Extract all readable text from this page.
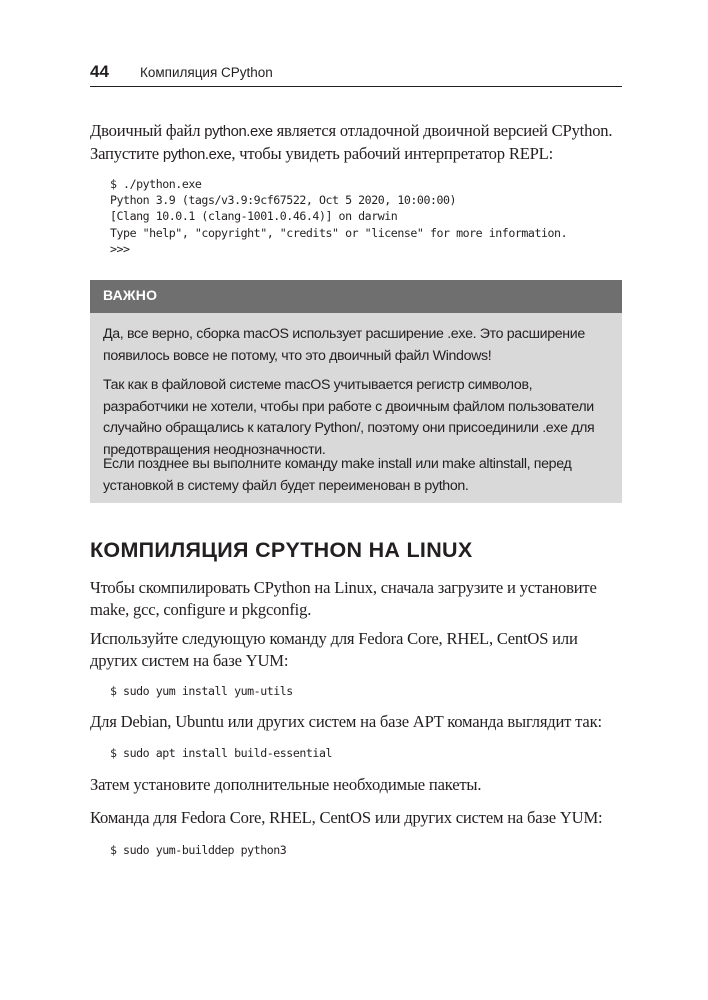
44 Компиляция CPython

Двоичный файл python.exe является отладочной двоичной версией CPython. Запустите python.exe, чтобы увидеть рабочий интерпретатор REPL:

$ ./python.exe
Python 3.9 (tags/v3.9:9cf67522, Oct 5 2020, 10:00:00)
[Clang 10.0.1 (clang-1001.0.46.4)] on darwin
Type "help", "copyright", "credits" or "license" for more information.
>>>
ВАЖНО

Да, все верно, сборка macOS использует расширение .exe. Это расширение появилось вовсе не потому, что это двоичный файл Windows!

Так как в файловой системе macOS учитывается регистр символов, разработчики не хотели, чтобы при работе с двоичным файлом пользователи случайно обращались к каталогу Python/, поэтому они присоединили .exe для предотвращения неоднозначности.

Если позднее вы выполните команду make install или make altinstall, перед установкой в систему файл будет переименован в python.

КОМПИЛЯЦИЯ CPYTHON НА LINUX

Чтобы скомпилировать CPython на Linux, сначала загрузите и установите make, gcc, configure и pkgconfig.

Используйте следующую команду для Fedora Core, RHEL, CentOS или других систем на базе YUM:

$ sudo yum install yum-utils

Для Debian, Ubuntu или других систем на базе APT команда выглядит так:

$ sudo apt install build-essential

Затем установите дополнительные необходимые пакеты.

Команда для Fedora Core, RHEL, CentOS или других систем на базе YUM:

$ sudo yum-builddep python3
